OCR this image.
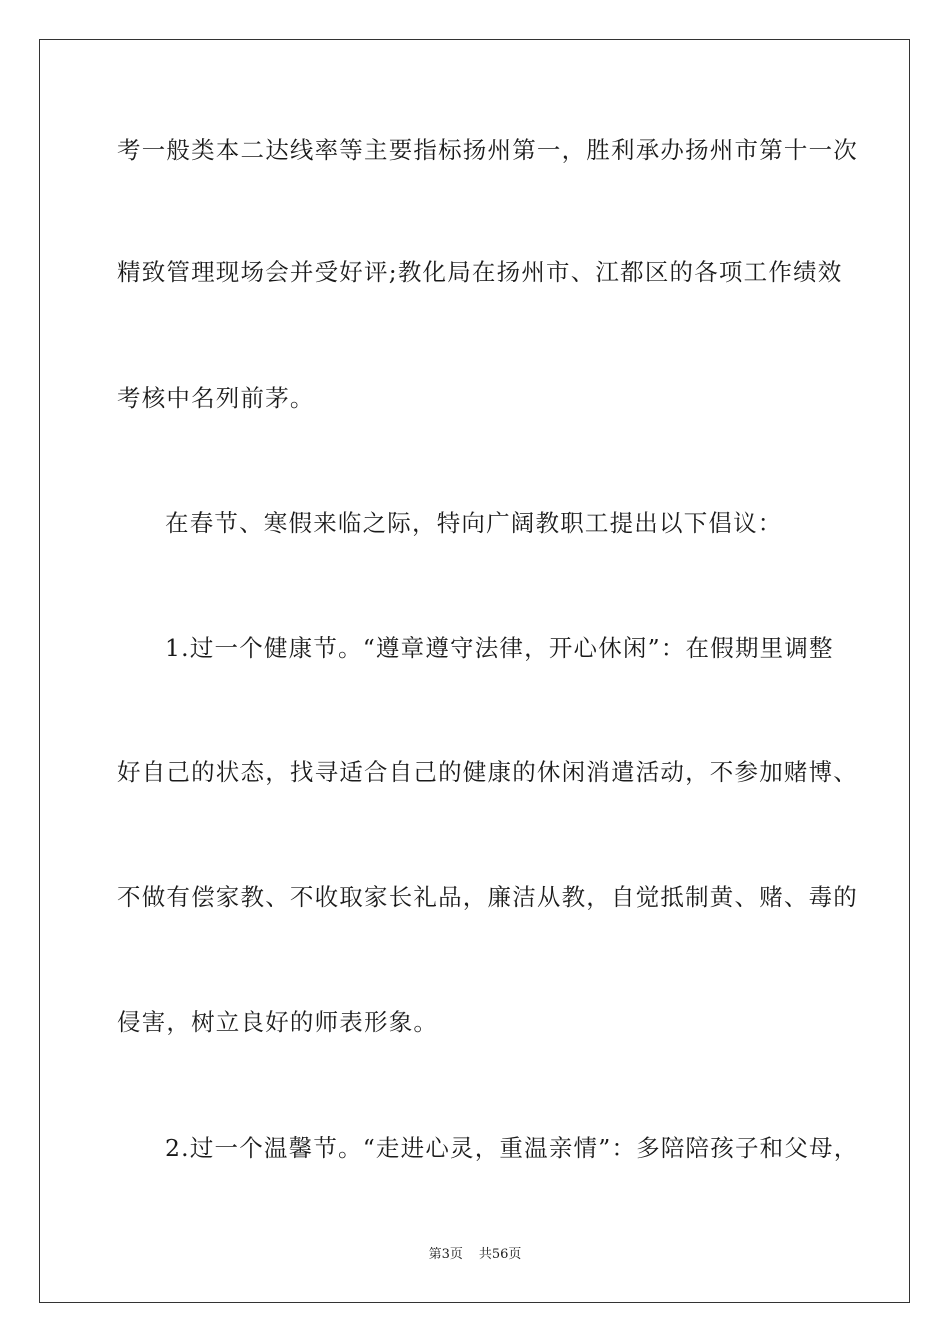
考一般类本二达线率等主要指标扬州第一，胜利承办扬州市第十一次
精致管理现场会并受好评;教化局在扬州市、江都区的各项工作绩效
考核中名列前茅。
在春节、寒假来临之际，特向广阔教职工提出以下倡议：
1.过一个健康节。“遵章遵守法律，开心休闲”：在假期里调整
好自己的状态，找寻适合自己的健康的休闲消遣活动，不参加赌博、
不做有偿家教、不收取家长礼品，廉洁从教，自觉抵制黄、赌、毒的
侵害，树立良好的师表形象。
2.过一个温馨节。“走进心灵，重温亲情”：多陪陪孩子和父母，
第3页 共56页
